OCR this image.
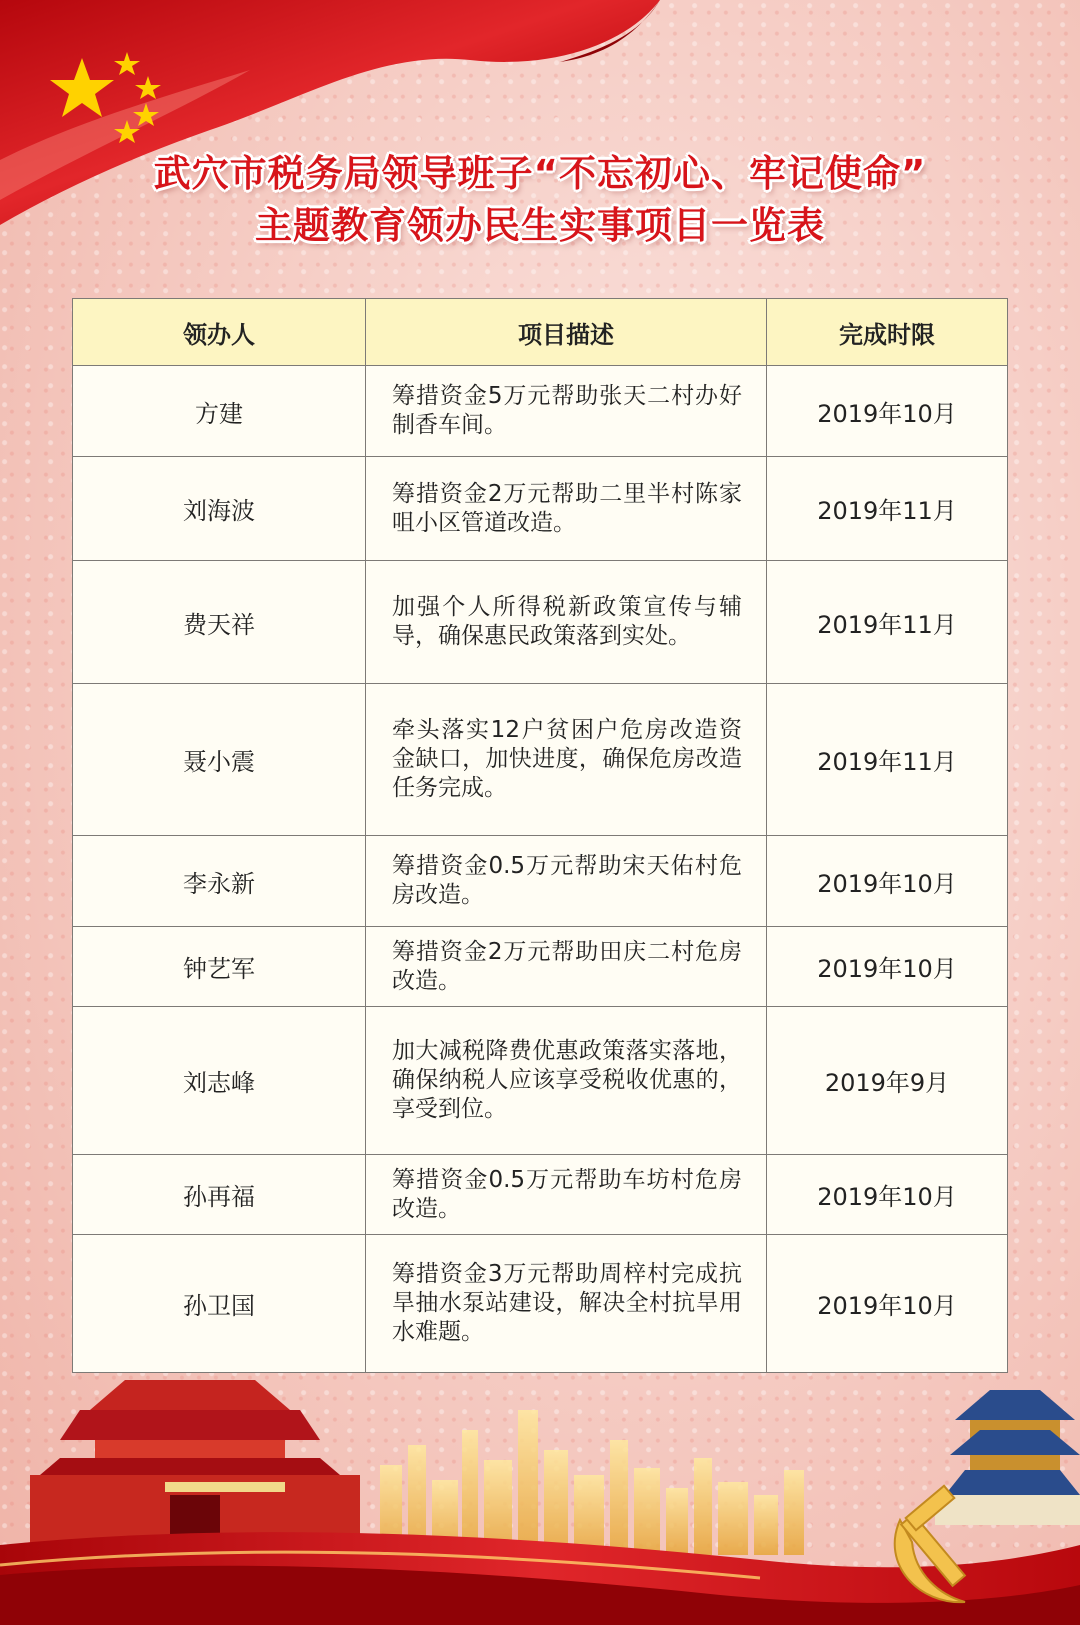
武穴市税务局领导班子“不忘初心、牢记使命”
主题教育领办民生实事项目一览表
领办人	项目描述	完成时限
方建	筹措资金5万元帮助张天二村办好制香车间。	2019年10月
刘海波	筹措资金2万元帮助二里半村陈家咀小区管道改造。	2019年11月
费天祥	加强个人所得税新政策宣传与辅导，确保惠民政策落到实处。	2019年11月
聂小震	牵头落实12户贫困户危房改造资金缺口，加快进度，确保危房改造任务完成。	2019年11月
李永新	筹措资金0.5万元帮助宋天佑村危房改造。	2019年10月
钟艺军	筹措资金2万元帮助田庆二村危房改造。	2019年10月
刘志峰	加大减税降费优惠政策落实落地，确保纳税人应该享受税收优惠的，享受到位。	2019年9月
孙再福	筹措资金0.5万元帮助车坊村危房改造。	2019年10月
孙卫国	筹措资金3万元帮助周梓村完成抗旱抽水泵站建设，解决全村抗旱用水难题。	2019年10月
